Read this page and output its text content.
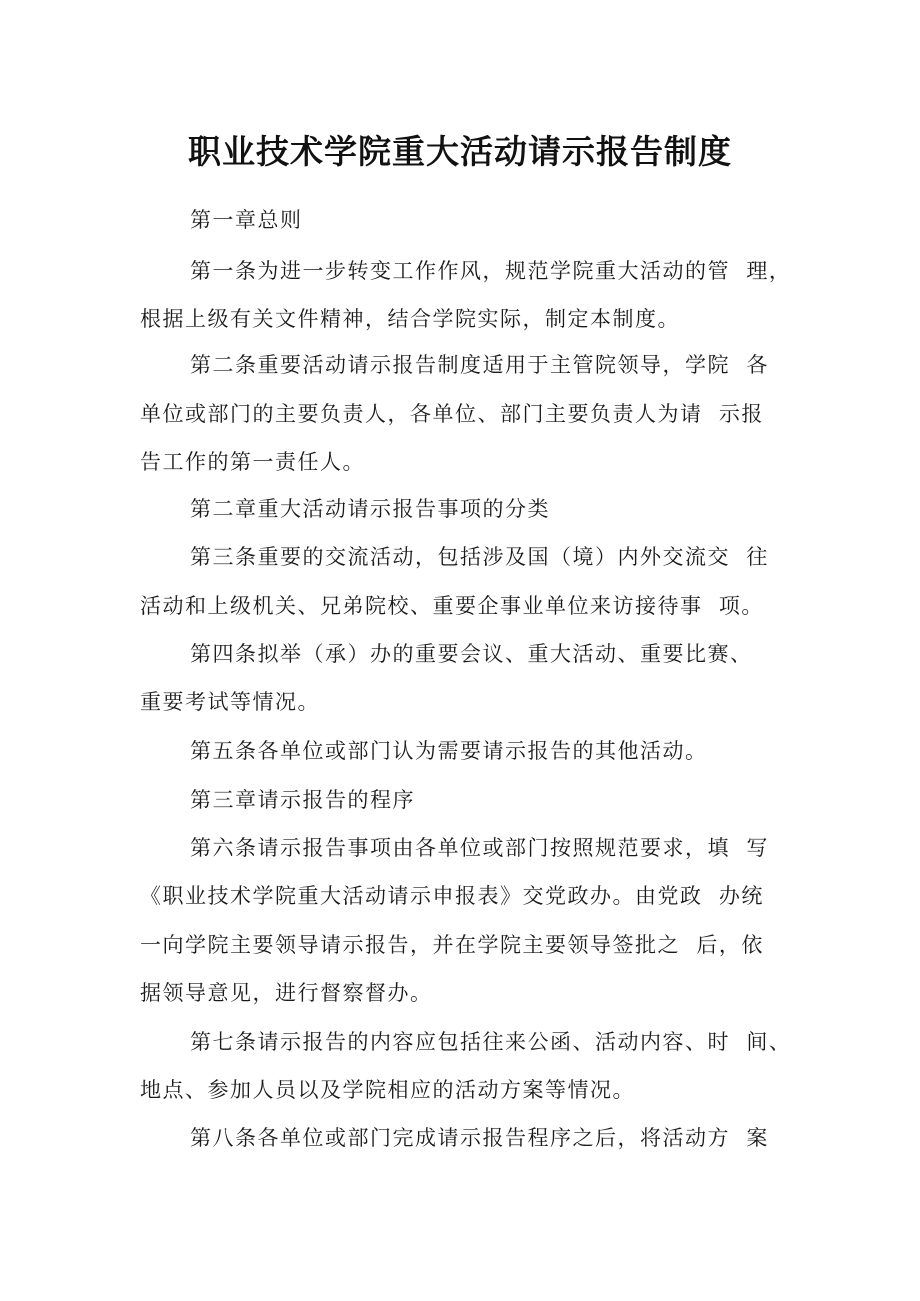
职业技术学院重大活动请示报告制度

第一章总则

第一条为进一步转变工作作风，规范学院重大活动的管  理，

根据上级有关文件精神，结合学院实际，制定本制度。

第二条重要活动请示报告制度适用于主管院领导，学院  各

单位或部门的主要负责人，各单位、部门主要负责人为请  示报

告工作的第一责任人。

第二章重大活动请示报告事项的分类

第三条重要的交流活动，包括涉及国（境）内外交流交  往

活动和上级机关、兄弟院校、重要企事业单位来访接待事  项。

第四条拟举（承）办的重要会议、重大活动、重要比赛、

重要考试等情况。

第五条各单位或部门认为需要请示报告的其他活动。

第三章请示报告的程序

第六条请示报告事项由各单位或部门按照规范要求，填  写

《职业技术学院重大活动请示申报表》交党政办。由党政  办统

一向学院主要领导请示报告，并在学院主要领导签批之  后，依

据领导意见，进行督察督办。

第七条请示报告的内容应包括往来公函、活动内容、时  间、

地点、参加人员以及学院相应的活动方案等情况。

第八条各单位或部门完成请示报告程序之后，将活动方  案
